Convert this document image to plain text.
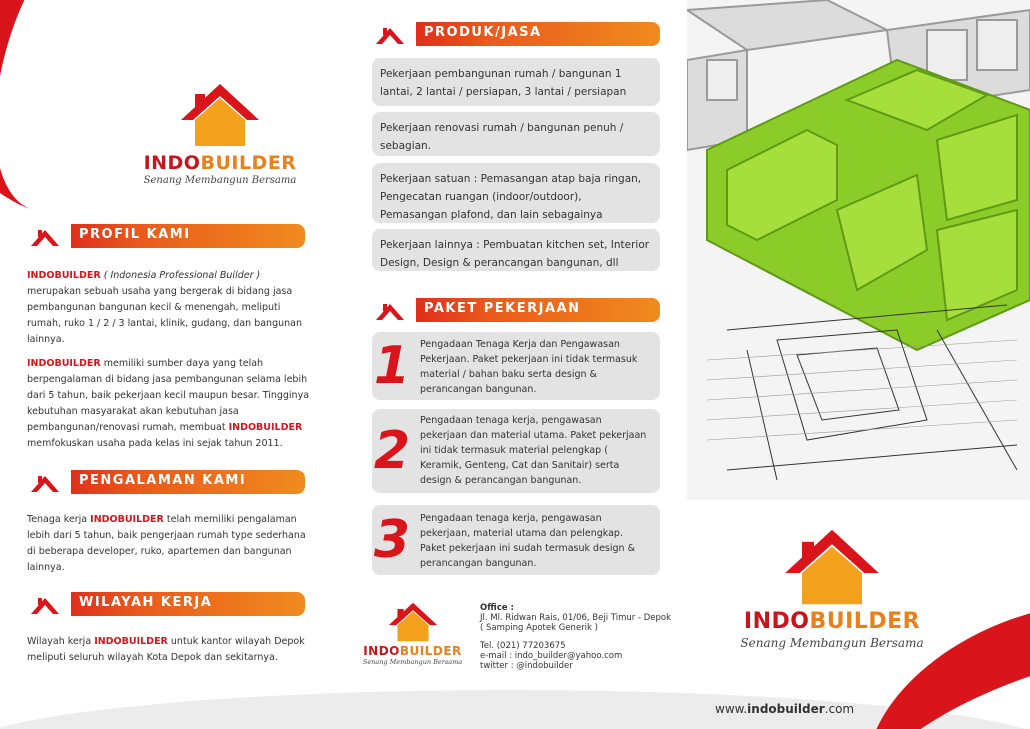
INDOBUILDER
Senang Membangun Bersama
PROFIL KAMI
INDOBUILDER ( Indonesia Professional Builder ) merupakan sebuah usaha yang bergerak di bidang jasa pembangunan bangunan kecil & menengah, meliputi rumah, ruko 1 / 2 / 3 lantai, klinik, gudang, dan bangunan lainnya.
INDOBUILDER memiliki sumber daya yang telah berpengalaman di bidang jasa pembangunan selama lebih dari 5 tahun, baik pekerjaan kecil maupun besar. Tingginya kebutuhan masyarakat akan kebutuhan jasa pembangunan/renovasi rumah, membuat INDOBUILDER memfokuskan usaha pada kelas ini sejak tahun 2011.
PENGALAMAN KAMI
Tenaga kerja INDOBUILDER telah memiliki pengalaman lebih dari 5 tahun, baik pengerjaan rumah type sederhana di beberapa developer, ruko, apartemen dan bangunan lainnya.
WILAYAH KERJA
Wilayah kerja INDOBUILDER untuk kantor wilayah Depok meliputi seluruh wilayah Kota Depok dan sekitarnya.
PRODUK/JASA
Pekerjaan pembangunan rumah / bangunan 1 lantai, 2 lantai / persiapan, 3 lantai / persiapan
Pekerjaan renovasi rumah / bangunan penuh / sebagian.
Pekerjaan satuan : Pemasangan atap baja ringan, Pengecatan ruangan (indoor/outdoor), Pemasangan plafond, dan lain sebagainya
Pekerjaan lainnya : Pembuatan kitchen set, Interior Design, Design & perancangan bangunan, dll
PAKET PEKERJAAN
1 Pengadaan Tenaga Kerja dan Pengawasan Pekerjaan. Paket pekerjaan ini tidak termasuk material / bahan baku serta design & perancangan bangunan.
2
Pengadaan tenaga kerja, pengawasan pekerjaan dan material utama. Paket pekerjaan ini tidak termasuk material pelengkap ( Keramik, Genteng, Cat dan Sanitair) serta design & perancangan bangunan.
3 Pengadaan tenaga kerja, pengawasan pekerjaan, material utama dan pelengkap. Paket pekerjaan ini sudah termasuk design & perancangan bangunan.
INDOBUILDER
Senang Membangun Bersama
Office :
Jl. Ml. Ridwan Rais, 01/06, Beji Timur - Depok
( Samping Apotek Generik )
Tel. (021) 77203675
e-mail : indo_builder@yahoo.com
twitter : @indobuilder
INDOBUILDER
Senang Membangun Bersama
www.indobuilder.com
